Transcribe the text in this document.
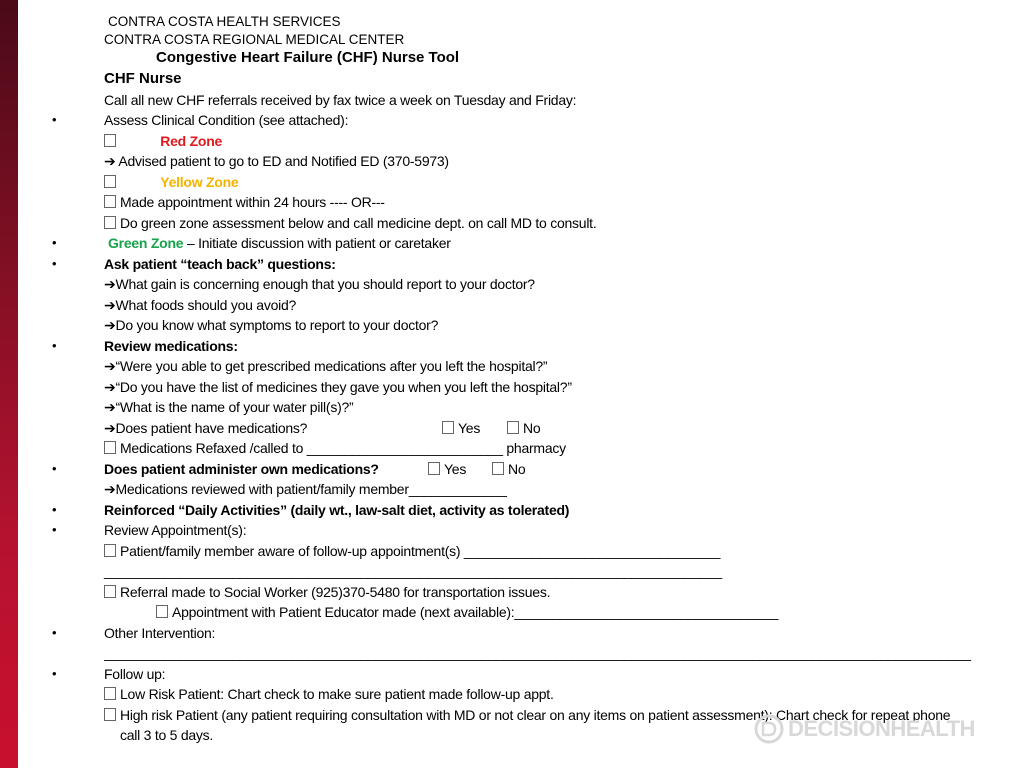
CONTRA COSTA HEALTH SERVICES
CONTRA COSTA REGIONAL MEDICAL CENTER
Congestive Heart Failure (CHF) Nurse Tool
CHF Nurse
Call all new CHF referrals received by fax twice a week on Tuesday and Friday:
•	Assess Clinical Condition (see attached):
Red Zone
➔ Advised patient to go to ED and Notified ED (370-5973)
Yellow Zone
Made appointment within 24 hours ---- OR---
Do green zone assessment below and call medicine dept. on call MD to consult.
•	Green Zone – Initiate discussion with patient or caretaker
•	Ask patient “teach back” questions:
➔What gain is concerning enough that you should report to your doctor?
➔What foods should you avoid?
➔Do you know what symptoms to report to your doctor?
•	Review medications:
➔“Were you able to get prescribed medications after you left the hospital?”
➔“Do you have the list of medicines they gave you when you left the hospital?”
➔“What is the name of your water pill(s)?”
➔Does patient have medications?	Yes	No
Medications Refaxed /called to __________________________ pharmacy
•	Does patient administer own medications?	Yes	No
➔Medications reviewed with patient/family member_____________
•	Reinforced “Daily Activities” (daily wt., law-salt diet, activity as tolerated)
•	Review Appointment(s):
Patient/family member aware of follow-up appointment(s) __________________________________
__________________________________________________________________________________
Referral made to Social Worker (925)370-5480 for transportation issues.
Appointment with Patient Educator made (next available):___________________________________
•	Other Intervention:
___________________________________________________________________________________________________________________
•	Follow up:
Low Risk Patient: Chart check to make sure patient made follow-up appt.
High risk Patient (any patient requiring consultation with MD or not clear on any items on patient assessment): Chart check for repeat phone
call 3 to 5 days.	DECISIONHEALTH
